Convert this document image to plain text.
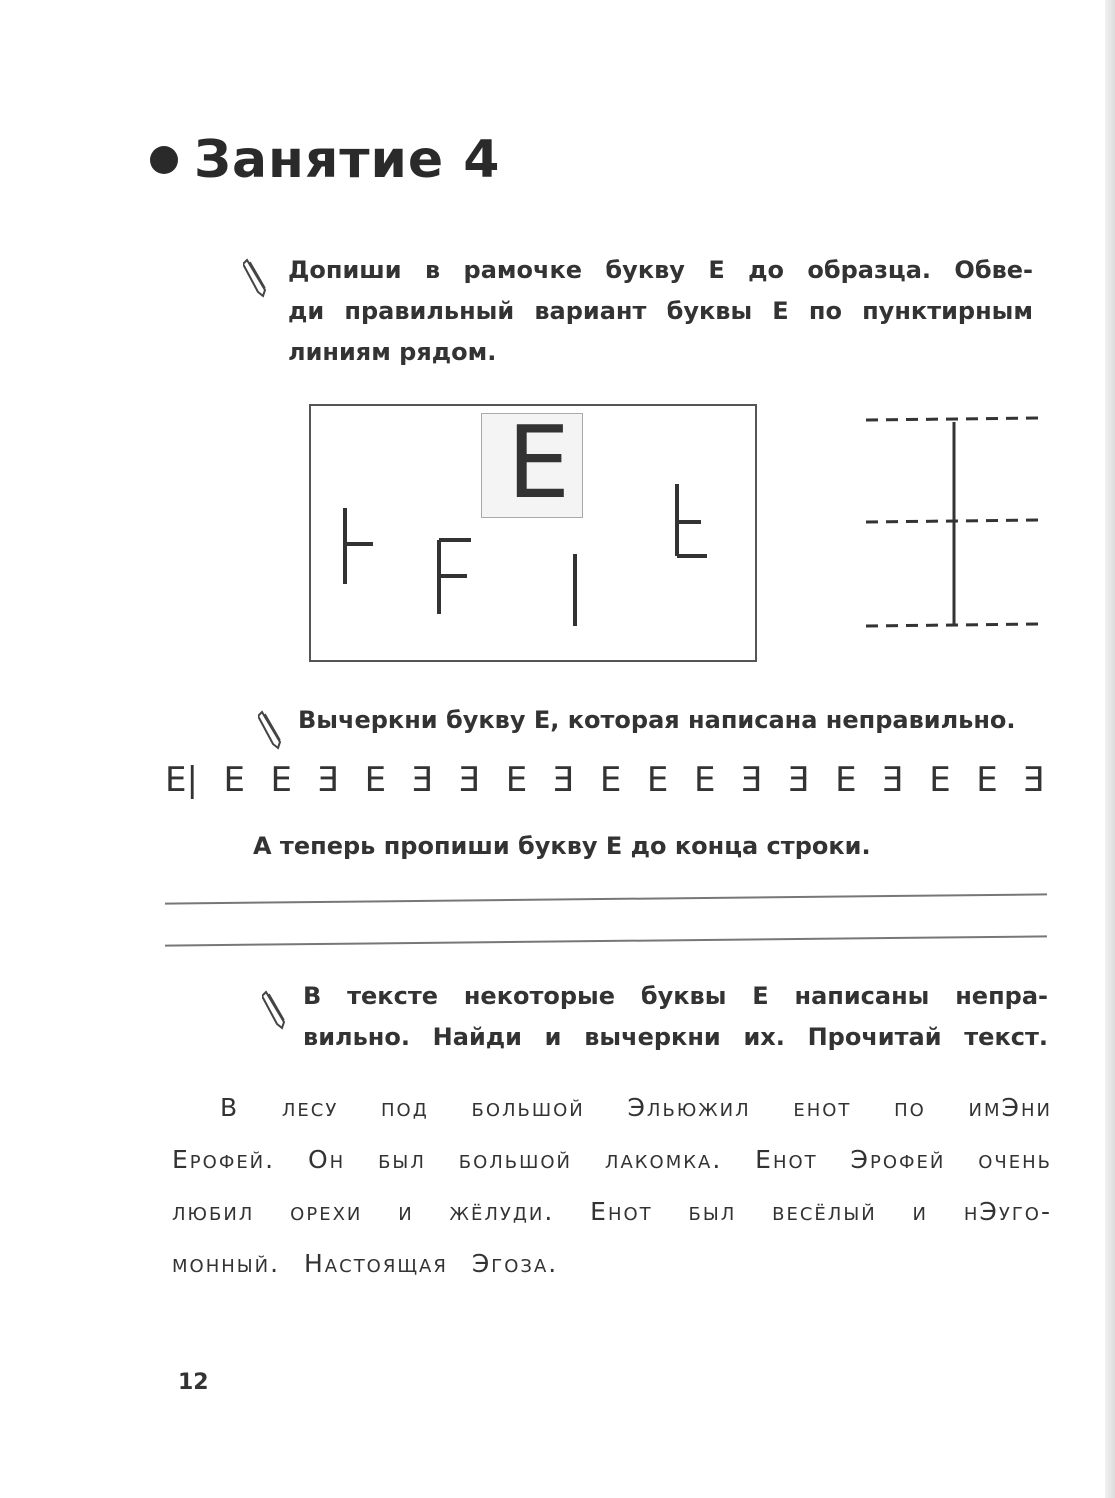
Занятие 4
Допиши в рамочке букву Е до образца. Обве-
ди правильный вариант буквы Е по пунктирным
линиям рядом.
E
Вычеркни букву Е, которая написана неправильно.
E| E E Ǝ E Ǝ Ǝ E Ǝ E E E Ǝ Ǝ E Ǝ E E Ǝ
А теперь пропиши букву Е до конца строки.
В тексте некоторые буквы Е написаны непра-
вильно. Найди и вычеркни их. Прочитай текст.
В лесу под большой Эльюжил енот по имЭни
Ерофей. Он был большой лакомка. Енот Эрофей очень
любил орехи и жёлуди. Енот был весёлый и нЭуго-
монный. Настоящая Эгоза.
12
